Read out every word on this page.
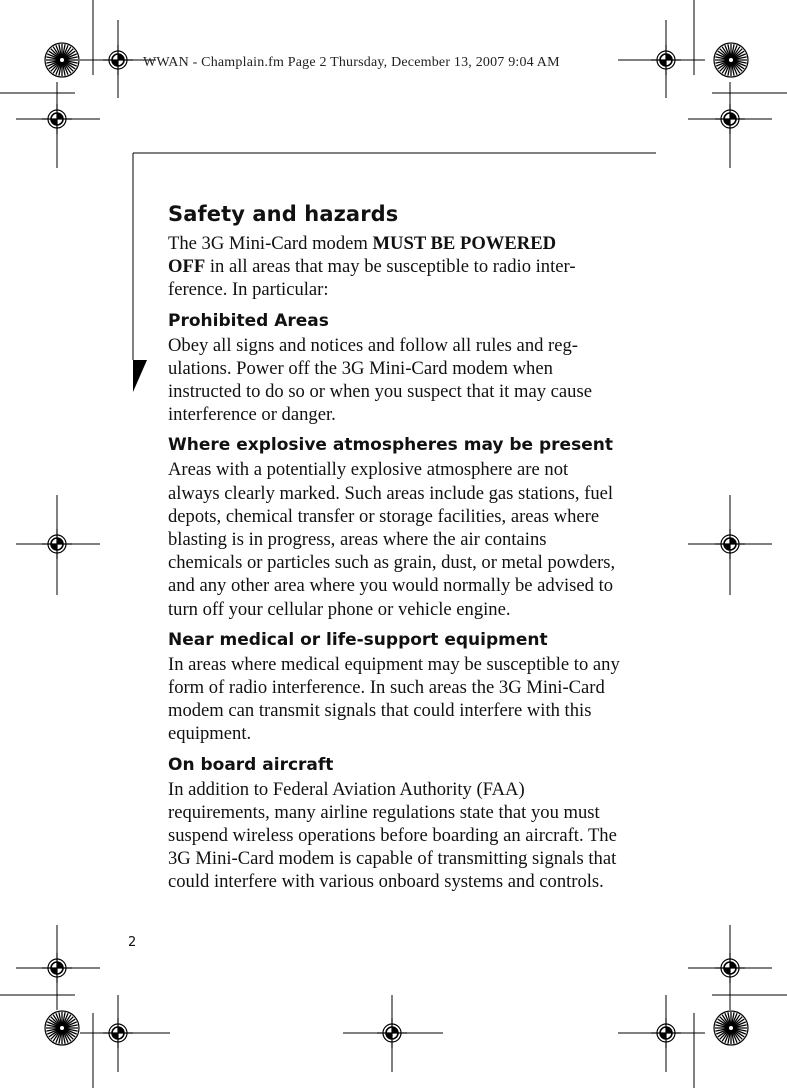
WWAN - Champlain.fm Page 2 Thursday, December 13, 2007 9:04 AM
Safety and hazards

The 3G Mini-Card modem MUST BE POWERED
OFF in all areas that may be susceptible to radio inter-ference. In particular:

Prohibited Areas

Obey all signs and notices and follow all rules and reg-ulations. Power off the 3G Mini-Card modem when instructed to do so or when you suspect that it may cause interference or danger.

Where explosive atmospheres may be present

Areas with a potentially explosive atmosphere are not always clearly marked. Such areas include gas stations, fuel depots, chemical transfer or storage facilities, areas where blasting is in progress, areas where the air contains chemicals or particles such as grain, dust, or metal powders, and any other area where you would normally be advised to turn off your cellular phone or vehicle engine.

Near medical or life-support equipment

In areas where medical equipment may be susceptible to any form of radio interference. In such areas the 3G Mini-Card modem can transmit signals that could interfere with this equipment.

On board aircraft

In addition to Federal Aviation Authority (FAA) requirements, many airline regulations state that you must suspend wireless operations before boarding an aircraft. The 3G Mini-Card modem is capable of transmitting signals that could interfere with various onboard systems and controls.

2
